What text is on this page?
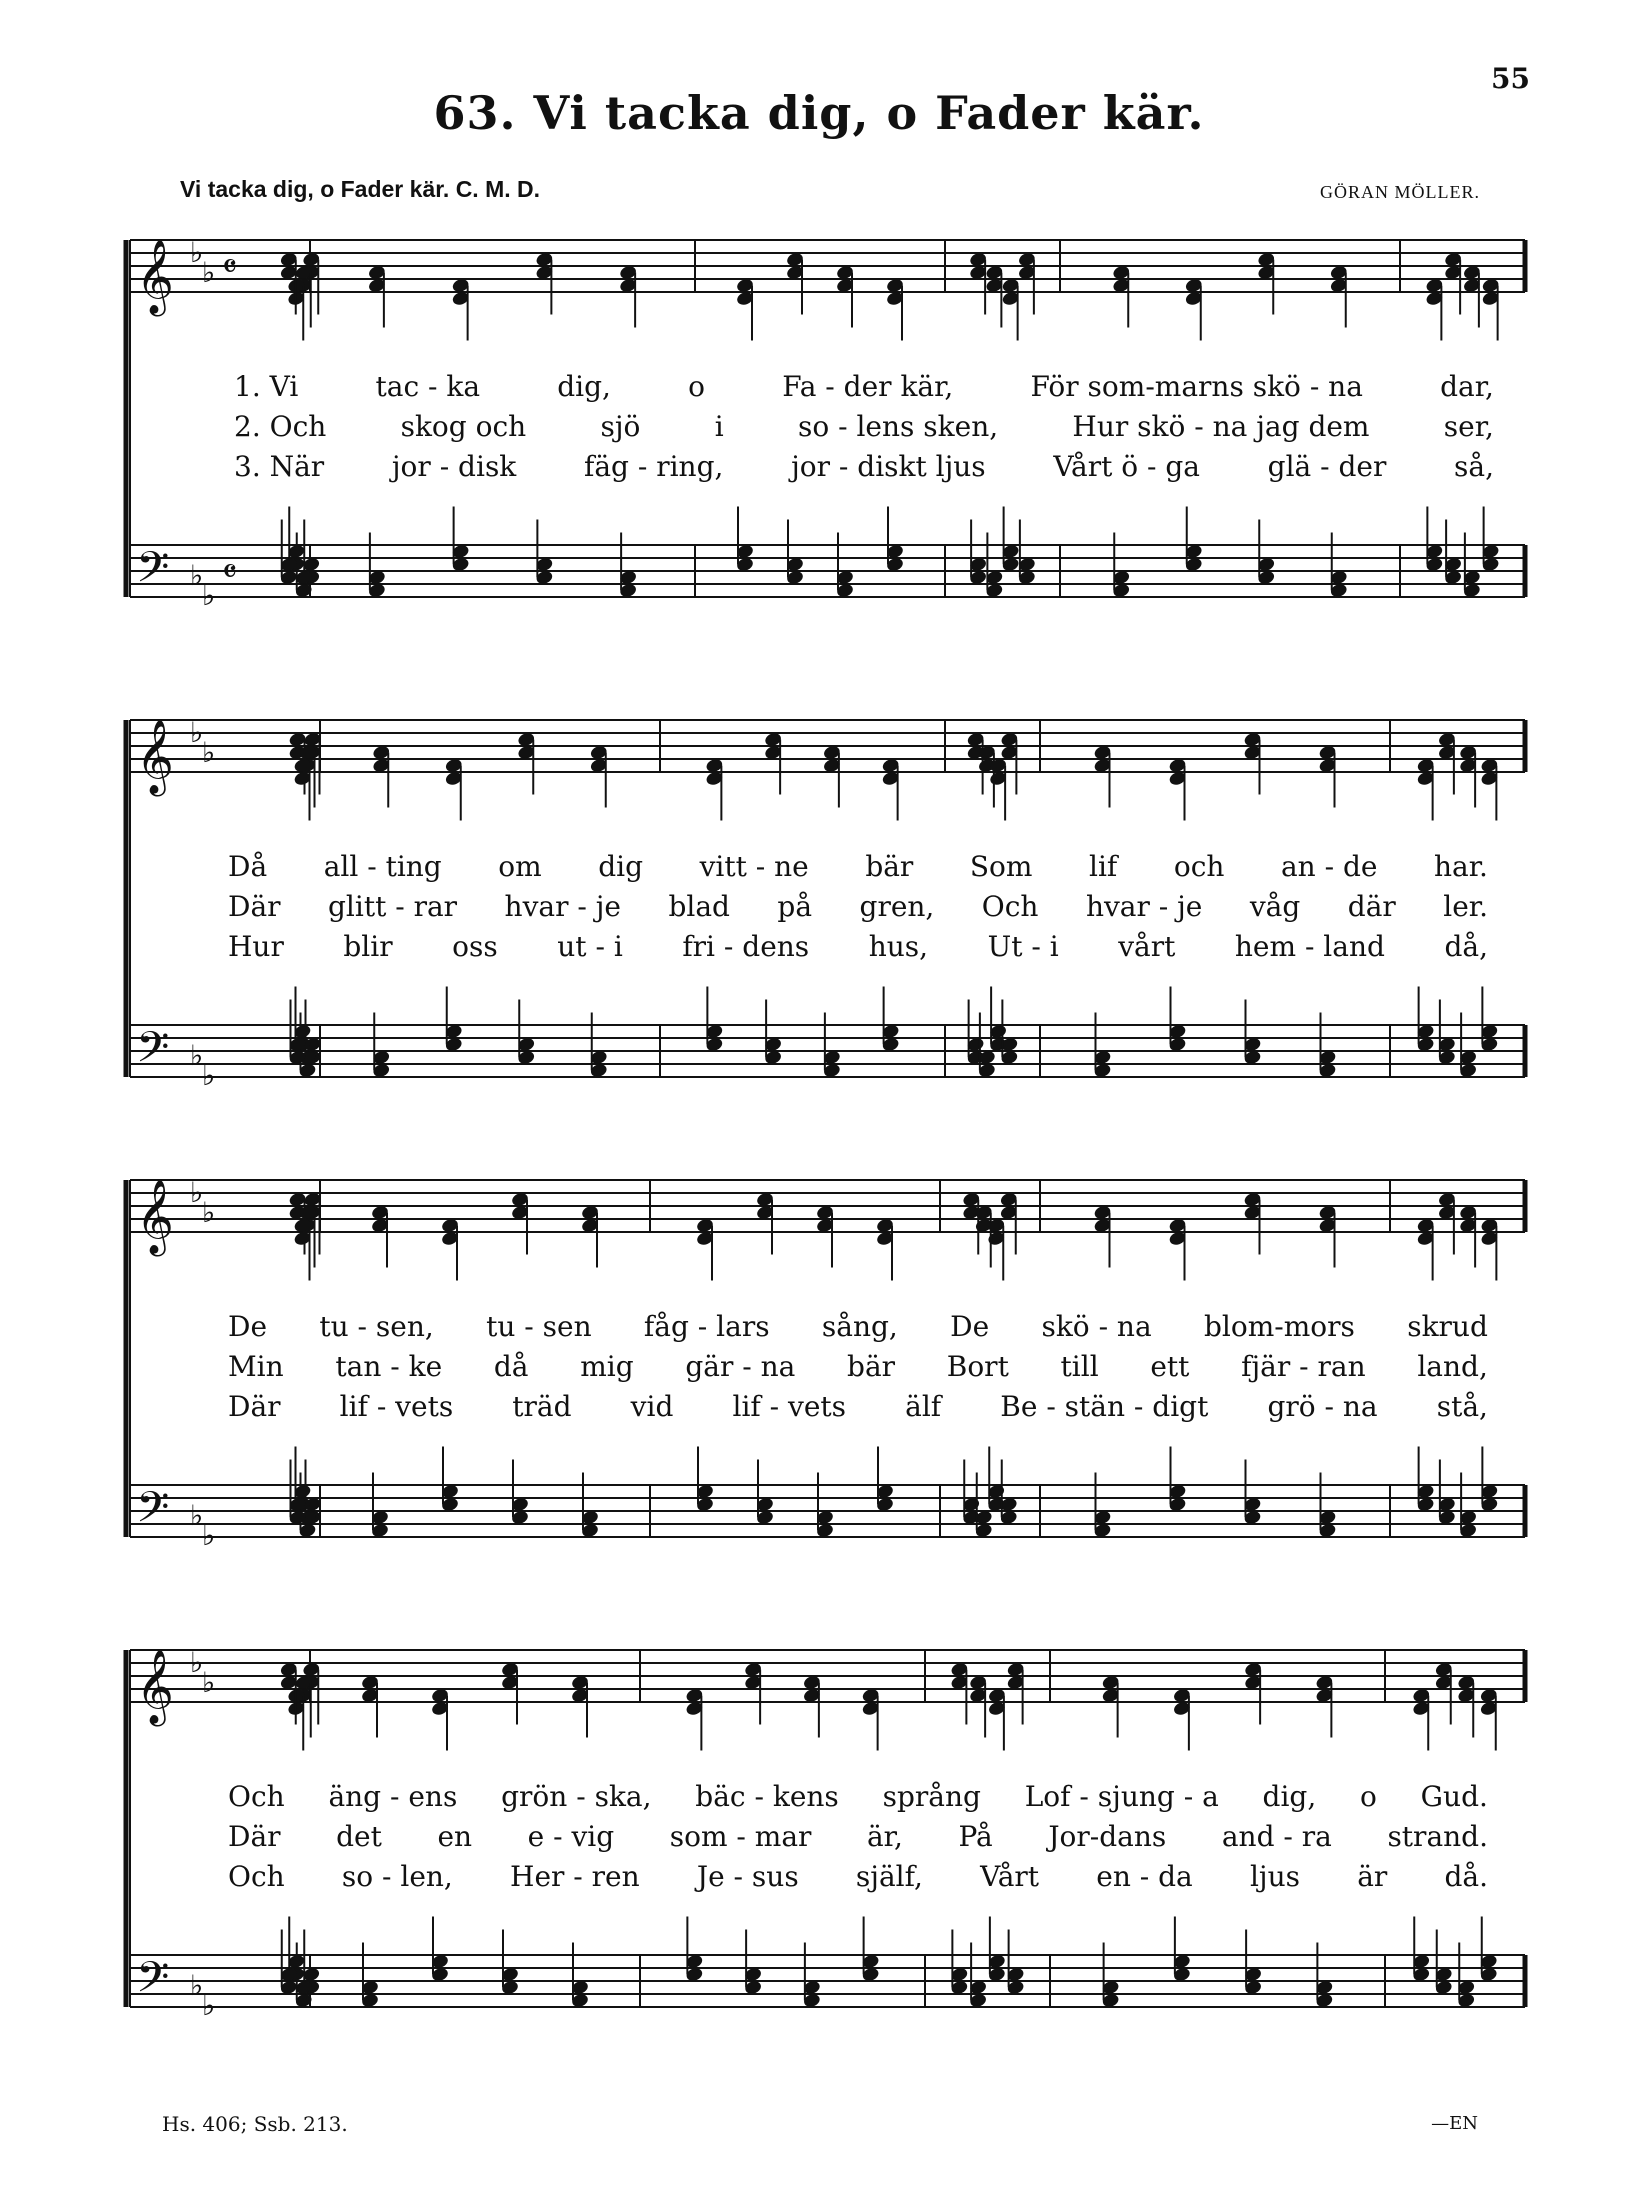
55
63. Vi tacka dig, o Fader kär.
Vi tacka dig, o Fader kär. C. M. D.	GÖRAN MÖLLER.
𝄞
𝄢
♭
♭
♭
♭
𝄴
𝄴
1. Vi	tac - ka	dig,	o	Fa - der kär,	För som-marns skö - na	dar,
2. Och	skog och	sjö	i	so - lens sken,	Hur skö - na jag dem	ser,
3. När jor - disk fäg - ring, jor - diskt ljus Vårt ö - ga glä - der så,
𝄞
𝄢
♭
♭
♭
♭
Då all - ting om dig vitt - ne bär Som lif och an - de har.
Där glitt - rar hvar - je blad på gren, Och hvar - je våg där ler.
Hur blir oss ut - i fri - dens hus, Ut - i vårt hem - land då,
𝄞
𝄢
♭
♭
♭
♭
De tu - sen, tu - sen fåg - lars sång, De skö - na blom-mors skrud
Min tan - ke då mig gär - na bär Bort till ett fjär - ran land,
Där lif - vets träd vid lif - vets älf Be - stän - digt grö - na stå,
𝄞
𝄢
♭
♭
♭
♭
Och äng - ens grön - ska, bäc - kens språng Lof - sjung - a dig, o Gud.
Där det en e - vig som - mar är, På Jor-dans and - ra strand.
Och so - len, Her - ren Je - sus själf, Vårt en - da ljus är då.
Hs. 406; Ssb. 213.	—EN
